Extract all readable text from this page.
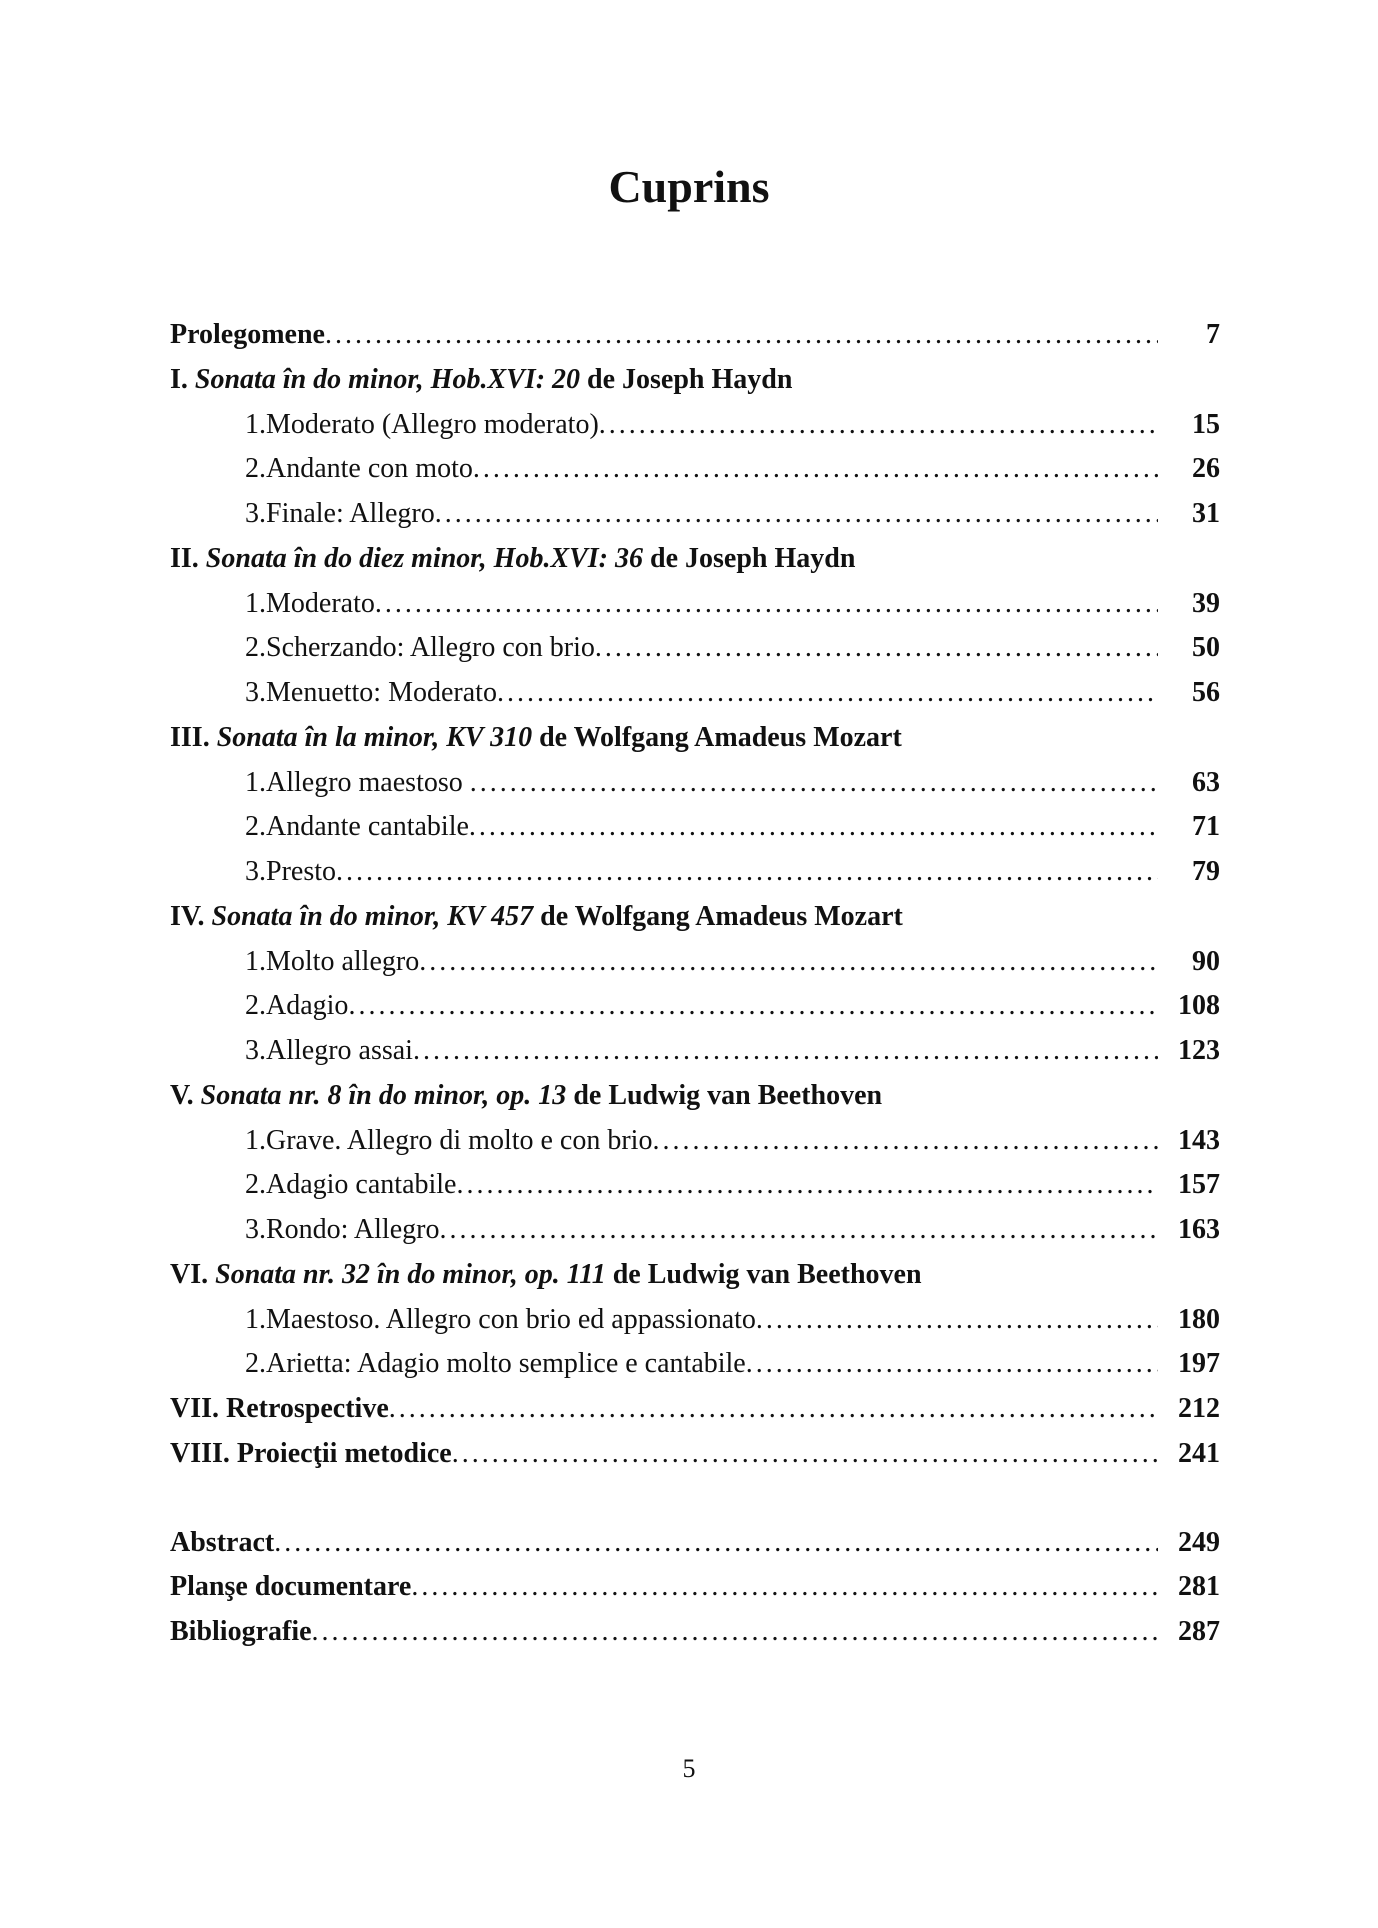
Cuprins
Prolegomene .....	7
I. Sonata în do minor, Hob.XVI: 20 de Joseph Haydn
1.Moderato (Allegro moderato) .....	15
2.Andante con moto .....	26
3.Finale: Allegro .....	31
II. Sonata în do diez minor, Hob.XVI: 36 de Joseph Haydn
1.Moderato .....	39
2.Scherzando: Allegro con brio .....	50
3.Menuetto: Moderato .....	56
III. Sonata în la minor, KV 310 de Wolfgang Amadeus Mozart
1.Allegro maestoso .....	63
2.Andante cantabile .....	71
3.Presto .....	79
IV. Sonata în do minor, KV 457 de Wolfgang Amadeus Mozart
1.Molto allegro .....	90
2.Adagio .....	108
3.Allegro assai .....	123
V. Sonata nr. 8 în do minor, op. 13 de Ludwig van Beethoven
1.Grave. Allegro di molto e con brio .....	143
2.Adagio cantabile .....	157
3.Rondo: Allegro .....	163
VI. Sonata nr. 32 în do minor, op. 111 de Ludwig van Beethoven
1.Maestoso. Allegro con brio ed appassionato .....	180
2.Arietta: Adagio molto semplice e cantabile .....	197
VII. Retrospective .....	212
VIII. Proiecţii metodice .....	241
Abstract .....	249
Planşe documentare .....	281
Bibliografie .....	287
5
